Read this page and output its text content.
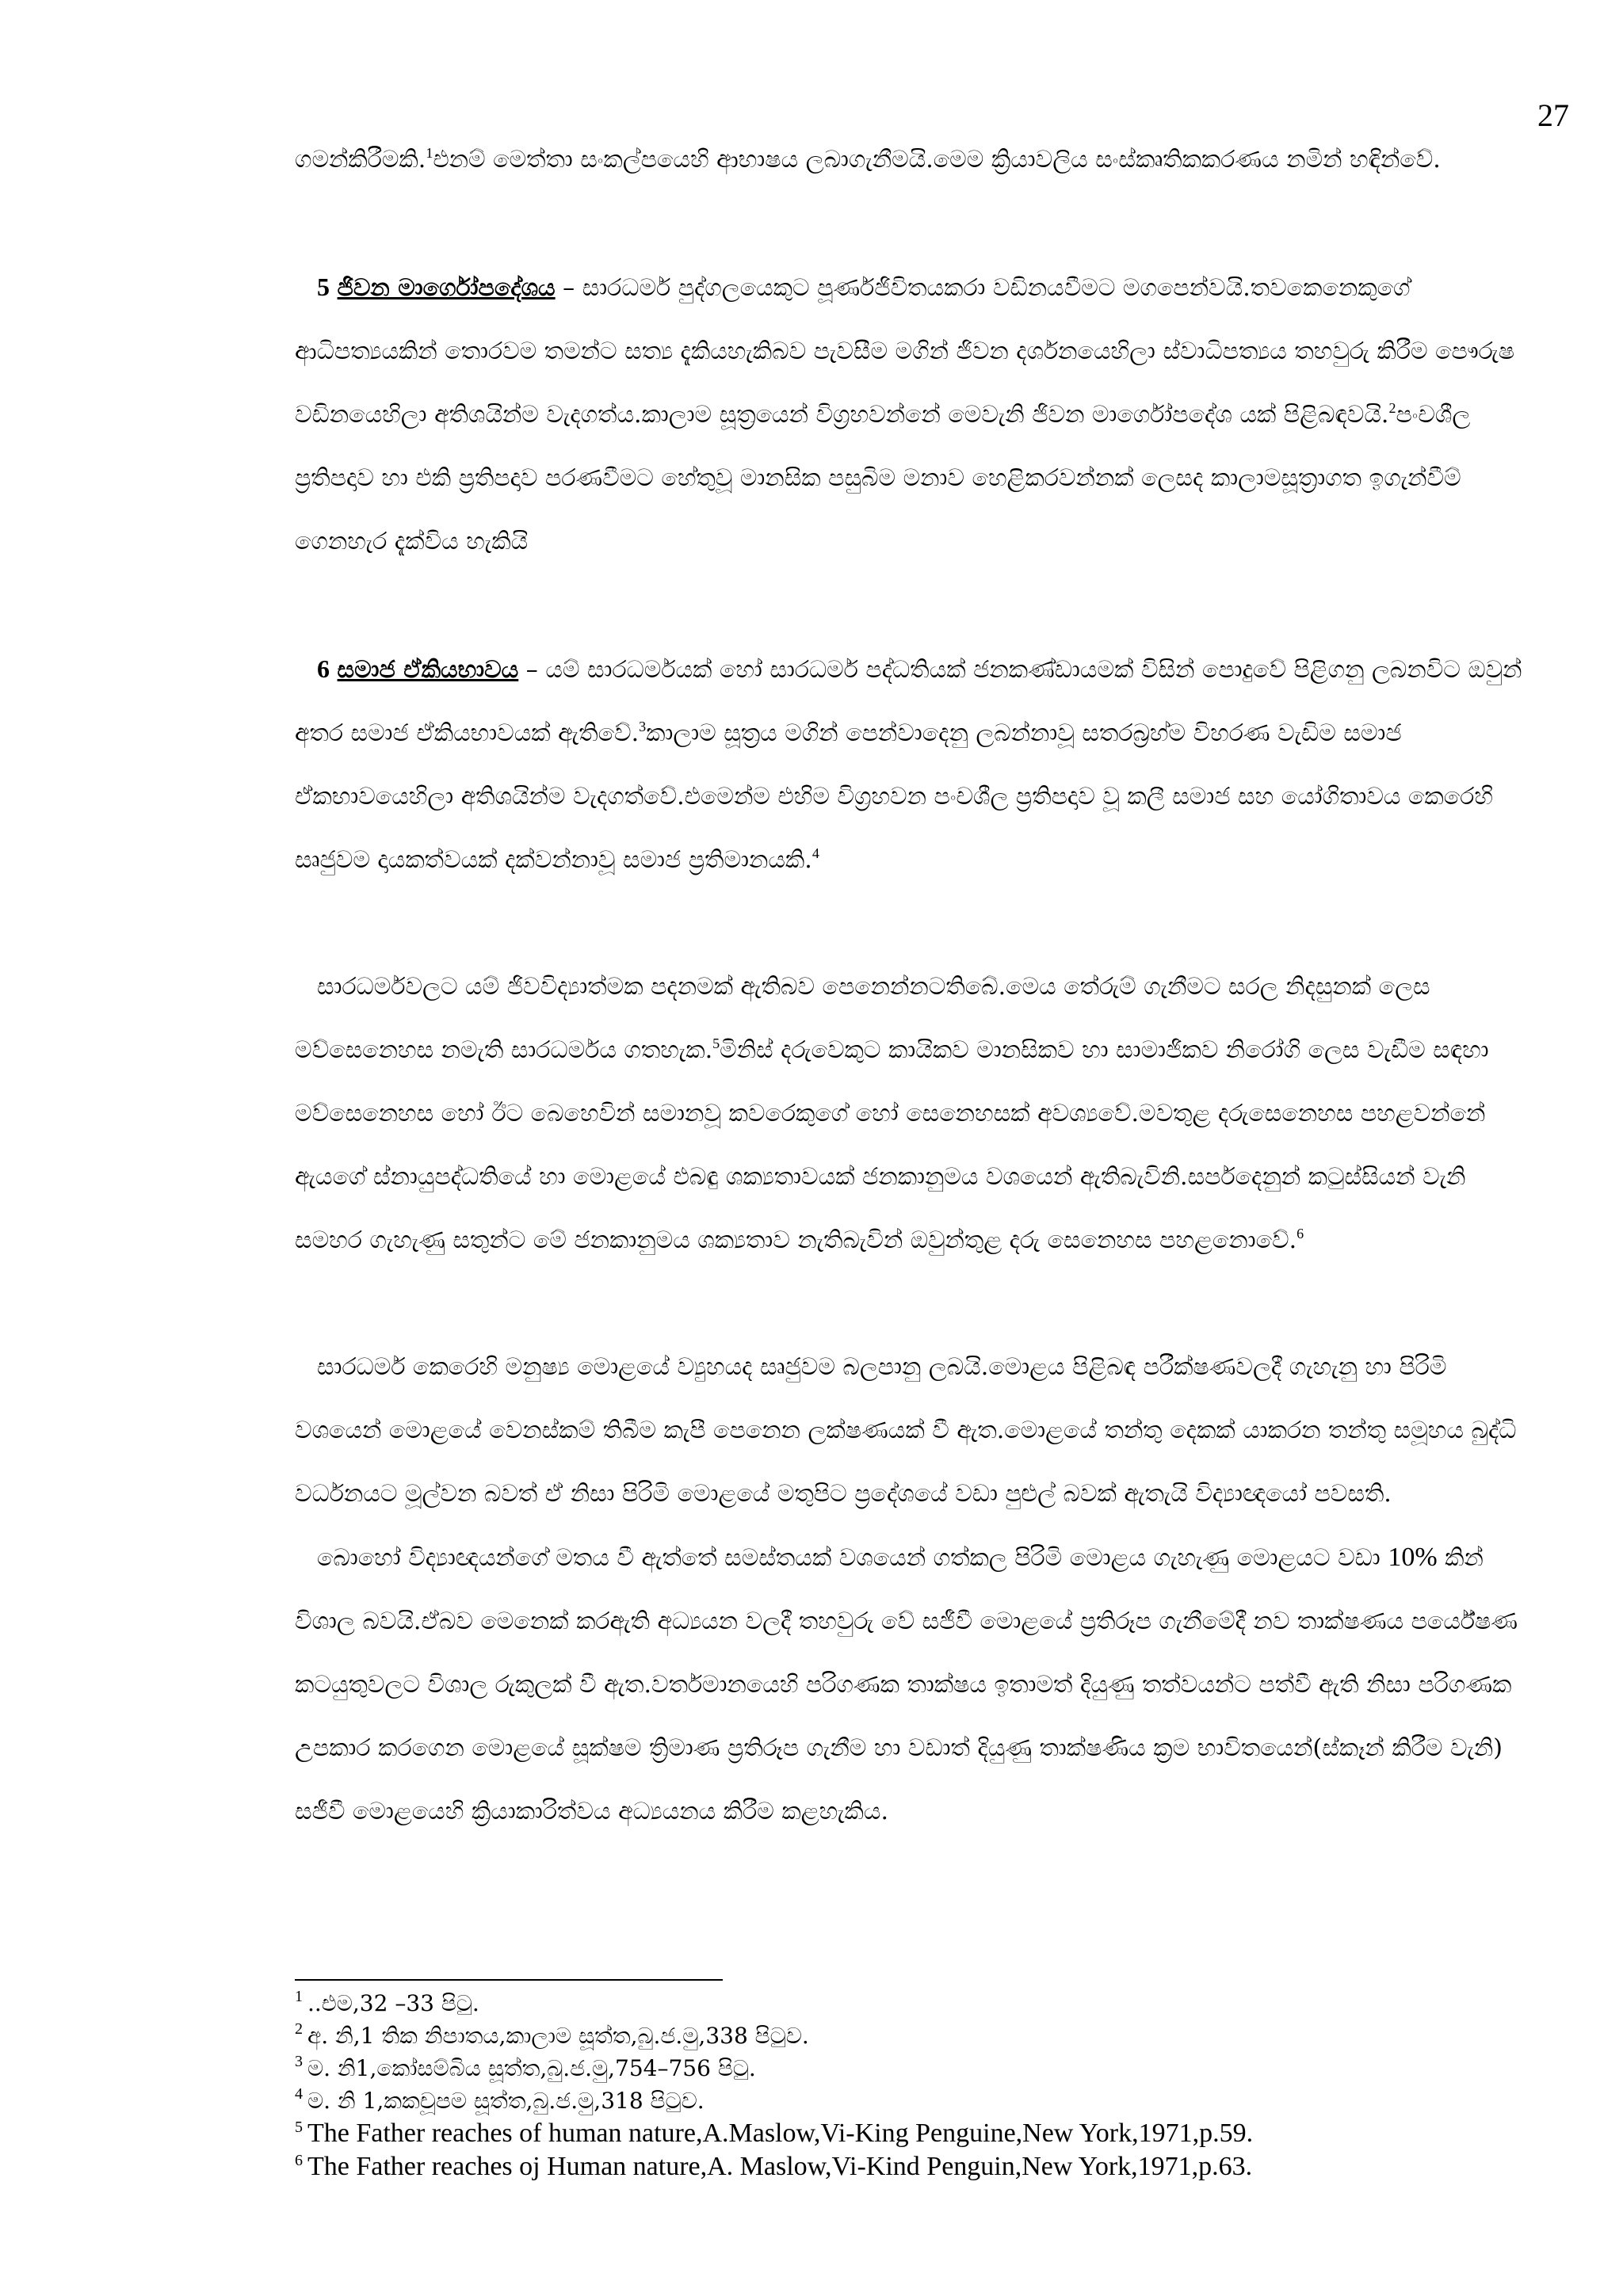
27

ගමන්කිරීමකි.$^1$එනම් මෙත්තා සංකල්පයෙහි ආභාෂය ලබාගැනීමයි.මෙම ක්‍රියාවලිය සංස්කෘතිකකරණය නමින් හඳින්වේ.

5 ජිවන මාර්ගෝපදේශය – සාරධර්ම පුද්ගලයෙකුට පූර්ණජිවිතයකරා වඩිනයවීමට මගපෙන්වයි.තවකෙනෙකුගේ ආධිපත්‍යයකින් තොරවම තමන්ට සත්‍ය දැකියහැකිබව පැවසීම මගින් ජිවන දර්ශනයෙහිලා ස්වාධිපත්‍යය තහවුරු කිරීම පෞරුෂ වඩිනයෙහිලා අතිශයින්ම වැදගත්ය.කාලාම සූත්‍රයෙන් විග්‍රහවන්නේ මෙවැනි ජිවන මාර්ගෝපදේශ යක් පිළිබඳවයි.$^2$පංචශීල ප්‍රතිපදාව හා එකි ප්‍රතිපදාව පරණවීමට හේතුවූ මානසික පසුබිම මනාව හෙළිකරවන්නක් ලෙසද කාලාමසූත්‍රාගත ඉගැන්වීම් ගෙනහැර දැක්විය හැකියි

6 සමාජ ඒකියභාවය – යම් සාරධර්මයක් හෝ සාරධර්ම පද්ධතියක් ජනකණ්ඩායමක් විසින් පොදුවේ පිළිගනු ලබනවිට ඔවුන් අතර සමාජ ඒකියභාවයක් ඇතිවේ.$^3$කාලාම සූත්‍රය මගින් පෙන්වාදෙනු ලබන්නාවූ සතරබ්‍රහ්ම විහරණ වැඩිම සමාජ ඒකභාවයෙහිලා අතිශයින්ම වැදගත්වේ.එමෙන්ම එහිම විග්‍රහවන පංචශීල ප්‍රතිපදාව වූ කලී සමාජ සහ යෝගිතාවය කෙරෙහි සෘජුවම දායකත්වයක් දක්වන්නාවූ සමාජ ප්‍රතිමානයකි.$^4$

සාරධර්මවලට යම් ජිවවිද්‍යාත්මක පදනමක් ඇතිබව පෙනෙන්නටතිබේ.මෙය තේරුම් ගැනීමට සරල නිදසුනක් ලෙස මව්සෙනෙහස නමැති සාරධර්මය ගතහැක.$^5$මිනිස් දරුවෙකුට කායිකව මානසිකව හා සාමාජිකව නිරෝගි ලෙස වැඩීම සඳහා මව්සෙනෙහස හෝ ඊට බෙහෙවින් සමානවූ කවරෙකුගේ හෝ සෙනෙහසක් අවශ්‍යවේ.මවතුළ දරුසෙනෙහස පහළවන්නේ ඇයගේ ස්නායුපද්ධතියේ හා මොළයේ එබඳු ශක්‍යතාවයක් ජනකානුමය වශයෙන් ඇතිබැවිනි.සර්පදෙනුන් කටුස්සියන් වැනි සමහර ගැහැණු සතුන්ට මේ ජනකානුමය ශක්‍යතාව නැතිබැවින් ඔවුන්තුළ දරු සෙනෙහස පහළනොවේ.$^6$

සාරධර්ම කෙරෙහි මනුෂ්‍ය මොළයේ ව්‍යුහයද සෘජුවම බලපානු ලබයි.මොළය පිළිබඳ පරීක්ෂණවලදී ගැහැනු හා පිරිමි වශයෙන් මොළයේ වෙනස්කම් තිබීම කැපී පෙනෙන ලක්ෂණයක් වී ඇත.මොළයේ තන්තු දෙකක් යාකරන තන්තු සමූහය බුද්ධි වර්ධනයට මූල්වන බවත් ඒ නිසා පිරිමි මොළයේ මතුපිට ප්‍රදේශයේ වඩා පුළුල් බවක් ඇතැයි විද්‍යාඥයෝ පවසති.

බොහෝ විද්‍යාඥයන්ගේ මතය වී ඇත්තේ සමස්තයක් වශයෙන් ගත්කල පිරිමි මොළය ගැහැණු මොළයට වඩා 10% කින් විශාල බවයි.ඒබව මෙනෙක් කරඇති අධ්‍යයන වලදී තහවුරු වේ සජීවී මොළයේ ප්‍රතිරූප ගැනීමේදී නව තාක්ෂණය පර්යේෂණ කටයුතුවලට විශාල රුකුලක් වී ඇත.වර්තමානයෙහි පරිගණක තාක්ෂය ඉතාමත් දියුණු තත්වයන්ට පත්වී ඇති නිසා පරිගණක උපකාර කරගෙන මොළයේ සූක්ෂම ත්‍රිමාණ ප්‍රතිරූප ගැනීම හා වඩාත් දියුණු තාක්ෂණිය ක්‍රම භාවිතයෙන්(ස්කෑන් කිරීම වැනි) සජීවී මොළයෙහි ක්‍රියාකාරිත්වය අධ්‍යයනය කිරීම කළහැකිය.

$^1$ ..එම,32 –33 පිටු.

$^2$ අ. නි,1 තික නිපාතය,කාලාම සූත්ත,බු.ජ.මු,338 පිටුව.

$^3$ ම. නි1,කෝසම්බිය සූත්ත,බු.ජ.මු,754–756 පිටු.

$^4$ ම. නි 1,කකචූපම සූත්ත,බු.ජ.මු,318 පිටුව.

$^5$ The Father reaches of human nature,A.Maslow,Vi-King Penguine,New York,1971,p.59.

$^6$ The Father reaches oj Human nature,A. Maslow,Vi-Kind Penguin,New York,1971,p.63.
